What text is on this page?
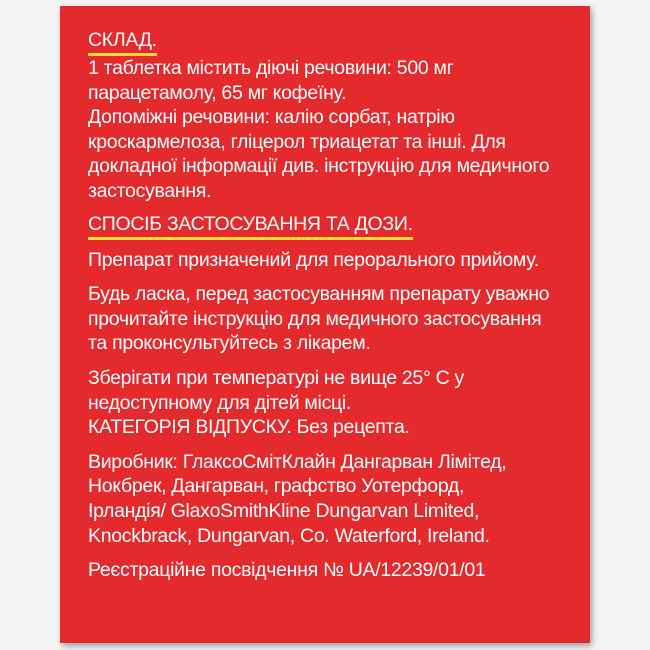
СКЛАД.

1 таблетка містить діючі речовини: 500 мг
парацетамолу, 65 мг кофеїну.
Допоміжні речовини: калію сорбат, натрію
кроскармелоза, гліцерол триацетат та інші. Для
докладної інформації див. інструкцію для медичного
застосування.

СПОСІБ ЗАСТОСУВАННЯ ТА ДОЗИ.

Препарат призначений для перорального прийому.

Будь ласка, перед застосуванням препарату уважно
прочитайте інструкцію для медичного застосування
та проконсультуйтесь з лікарем.

Зберігати при температурі не вище 25° С у
недоступному для дітей місці.

КАТЕГОРІЯ ВІДПУСКУ. Без рецепта.

Виробник: ГлаксоСмітКлайн Дангарван Лімітед,
Нокбрек, Дангарван, графство Уотерфорд,
Ірландія/ GlaxoSmithKline Dungarvan Limited,
Knockbrack, Dungarvan, Co. Waterford, Ireland.

Реєстраційне посвідчення № UA/12239/01/01
